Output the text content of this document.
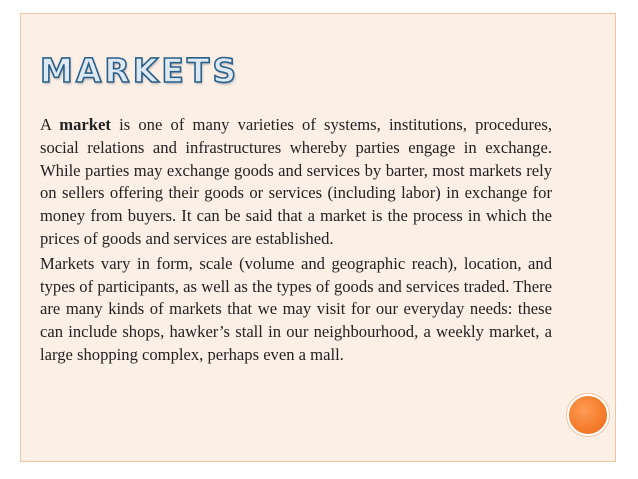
MARKETS

A market is one of many varieties of systems, institutions, procedures, social relations and infrastructures whereby parties engage in exchange. While parties may exchange goods and services by barter, most markets rely on sellers offering their goods or services (including labor) in exchange for money from buyers. It can be said that a market is the process in which the prices of goods and services are established.

Markets vary in form, scale (volume and geographic reach), location, and types of participants, as well as the types of goods and services traded. There are many kinds of markets that we may visit for our everyday needs: these can include shops, hawker’s stall in our neighbourhood, a weekly market, a large shopping complex, perhaps even a mall.
